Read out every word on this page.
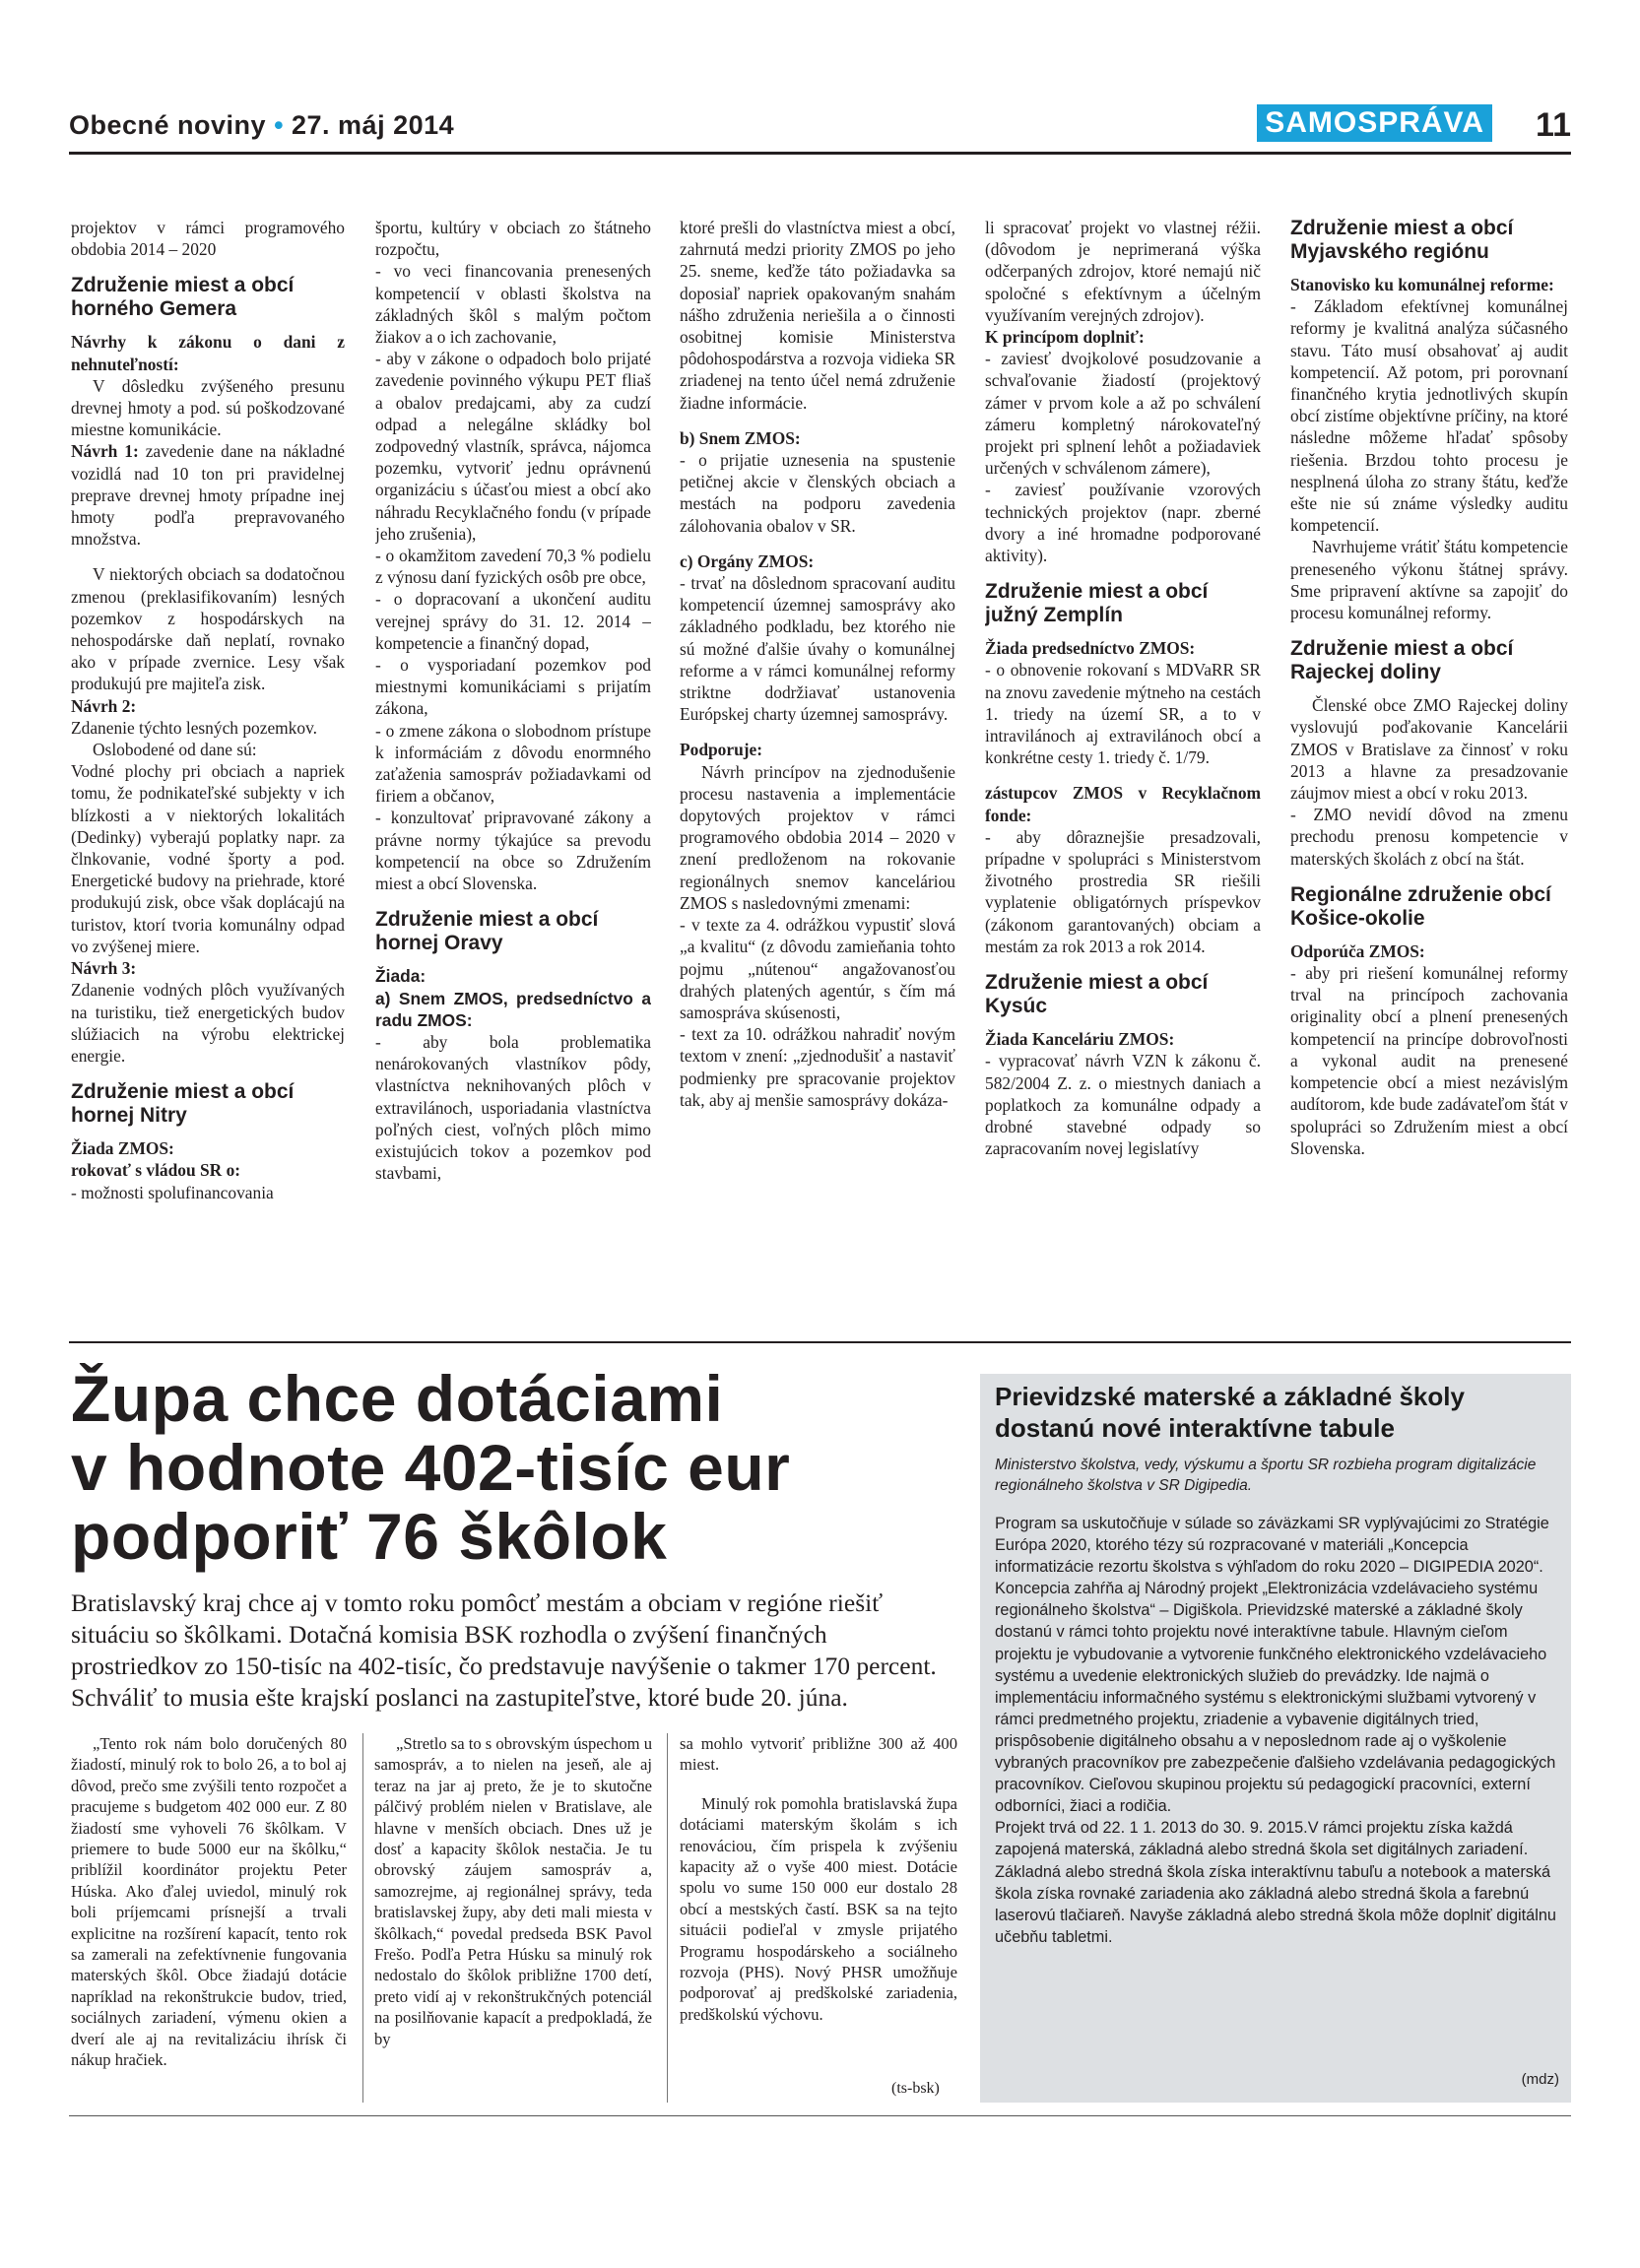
Obecné noviny • 27. máj 2014	SAMOSPRÁVA 11

projektov v rámci programového obdobia 2014 – 2020

Združenie miest a obcí horného Gemera

Návrhy k zákonu o dani z nehnuteľností:

V dôsledku zvýšeného presunu drevnej hmoty a pod. sú poškodzované miestne komunikácie.

Návrh 1: zavedenie dane na nákladné vozidlá nad 10 ton pri pravidelnej preprave drevnej hmoty prípadne inej hmoty podľa prepravovaného množstva.

V niektorých obciach sa dodatočnou zmenou (preklasifikovaním) lesných pozemkov z hospodárskych na nehospodárske daň neplatí, rovnako ako v prípade zvernice. Lesy však produkujú pre majiteľa zisk.

Návrh 2:

Zdanenie týchto lesných pozemkov.

Oslobodené od dane sú:

Vodné plochy pri obciach a napriek tomu, že podnikateľské subjekty v ich blízkosti a v niektorých lokalitách (Dedinky) vyberajú poplatky napr. za člnkovanie, vodné športy a pod. Energetické budovy na priehrade, ktoré produkujú zisk, obce však doplácajú na turistov, ktorí tvoria komunálny odpad vo zvýšenej miere.

Návrh 3:

Zdanenie vodných plôch využívaných na turistiku, tiež energetických budov slúžiacich na výrobu elektrickej energie.

Združenie miest a obcí hornej Nitry

Žiada ZMOS:

rokovať s vládou SR o:

- možnosti spolufinancovania

športu, kultúry v obciach zo štátneho rozpočtu,

- vo veci financovania prenesených kompetencií v oblasti školstva na základných škôl s malým počtom žiakov a o ich zachovanie,

- aby v zákone o odpadoch bolo prijaté zavedenie povinného výkupu PET fliaš a obalov predajcami, aby za cudzí odpad a nelegálne skládky bol zodpovedný vlastník, správca, nájomca pozemku, vytvoriť jednu oprávnenú organizáciu s účasťou miest a obcí ako náhradu Recyklačného fondu (v prípade jeho zrušenia),

- o okamžitom zavedení 70,3 % podielu z výnosu daní fyzických osôb pre obce,

- o dopracovaní a ukončení auditu verejnej správy do 31. 12. 2014 – kompetencie a finančný dopad,

- o vysporiadaní pozemkov pod miestnymi komunikáciami s prijatím zákona,

- o zmene zákona o slobodnom prístupe k informáciám z dôvodu enormného zaťaženia samospráv požiadavkami od firiem a občanov,

- konzultovať pripravované zákony a právne normy týkajúce sa prevodu kompetencií na obce so Združením miest a obcí Slovenska.

Združenie miest a obcí hornej Oravy

Žiada:

a) Snem ZMOS, predsedníctvo a radu ZMOS:

- aby bola problematika nenárokovaných vlastníkov pôdy, vlastníctva neknihovaných plôch v extravilánoch, usporiadania vlastníctva poľných ciest, voľných plôch mimo existujúcich tokov a pozemkov pod stavbami,

ktoré prešli do vlastníctva miest a obcí, zahrnutá medzi priority ZMOS po jeho 25. sneme, keďže táto požiadavka sa doposiaľ napriek opakovaným snahám nášho združenia neriešila a o činnosti osobitnej komisie Ministerstva pôdohospodárstva a rozvoja vidieka SR zriadenej na tento účel nemá združenie žiadne informácie.

b) Snem ZMOS:

- o prijatie uznesenia na spustenie petičnej akcie v členských obciach a mestách na podporu zavedenia zálohovania obalov v SR.

c) Orgány ZMOS:

- trvať na dôslednom spracovaní auditu kompetencií územnej samosprávy ako základného podkladu, bez ktorého nie sú možné ďalšie úvahy o komunálnej reforme a v rámci komunálnej reformy striktne dodržiavať ustanovenia Európskej charty územnej samosprávy.

Podporuje:

Návrh princípov na zjednodušenie procesu nastavenia a implementácie dopytových projektov v rámci programového obdobia 2014 – 2020 v znení predloženom na rokovanie regionálnych snemov kanceláriou ZMOS s nasledovnými zmenami:

- v texte za 4. odrážkou vypustiť slová „a kvalitu“ (z dôvodu zamieňania tohto pojmu „nútenou“ angažovanosťou drahých platených agentúr, s čím má samospráva skúsenosti,

- text za 10. odrážkou nahradiť novým textom v znení: „zjednodušiť a nastaviť podmienky pre spracovanie projektov tak, aby aj menšie samosprávy dokáza-

li spracovať projekt vo vlastnej réžii. (dôvodom je neprimeraná výška odčerpaných zdrojov, ktoré nemajú nič spoločné s efektívnym a účelným využívaním verejných zdrojov).

K princípom doplniť:

- zaviesť dvojkolové posudzovanie a schvaľovanie žiadostí (projektový zámer v prvom kole a až po schválení zámeru kompletný nárokovateľný projekt pri splnení lehôt a požiadaviek určených v schválenom zámere),

- zaviesť používanie vzorových technických projektov (napr. zberné dvory a iné hromadne podporované aktivity).

Združenie miest a obcí južný Zemplín

Žiada predsedníctvo ZMOS:

- o obnovenie rokovaní s MDVaRR SR na znovu zavedenie mýtneho na cestách 1. triedy na území SR, a to v intravilánoch aj extravilánoch obcí a konkrétne cesty 1. triedy č. 1/79.

zástupcov ZMOS v Recyklačnom fonde:

- aby dôraznejšie presadzovali, prípadne v spolupráci s Ministerstvom životného prostredia SR riešili vyplatenie obligatórnych príspevkov (zákonom garantovaných) obciam a mestám za rok 2013 a rok 2014.

Združenie miest a obcí Kysúc

Žiada Kanceláriu ZMOS:

- vypracovať návrh VZN k zákonu č. 582/2004 Z. z. o miestnych daniach a poplatkoch za komunálne odpady a drobné stavebné odpady so zapracovaním novej legislatívy

Združenie miest a obcí Myjavského regiónu

Stanovisko ku komunálnej reforme:

- Základom efektívnej komunálnej reformy je kvalitná analýza súčasného stavu. Táto musí obsahovať aj audit kompetencií. Až potom, pri porovnaní finančného krytia jednotlivých skupín obcí zistíme objektívne príčiny, na ktoré následne môžeme hľadať spôsoby riešenia. Brzdou tohto procesu je nesplnená úloha zo strany štátu, keďže ešte nie sú známe výsledky auditu kompetencií.

Navrhujeme vrátiť štátu kompetencie preneseného výkonu štátnej správy. Sme pripravení aktívne sa zapojiť do procesu komunálnej reformy.

Združenie miest a obcí Rajeckej doliny

Členské obce ZMO Rajeckej doliny vyslovujú poďakovanie Kancelárii ZMOS v Bratislave za činnosť v roku 2013 a hlavne za presadzovanie záujmov miest a obcí v roku 2013.

- ZMO nevidí dôvod na zmenu prechodu prenosu kompetencie v materských školách z obcí na štát.

Regionálne združenie obcí Košice-okolie

Odporúča ZMOS:

- aby pri riešení komunálnej reformy trval na princípoch zachovania originality obcí a plnení prenesených kompetencií na princípe dobrovoľnosti a vykonal audit na prenesené kompetencie obcí a miest nezávislým audítorom, kde bude zadávateľom štát v spolupráci so Združením miest a obcí Slovenska.

Župa chce dotáciami
v hodnote 402-tisíc eur
podporiť 76 škôlok
Bratislavský kraj chce aj v tomto roku pomôcť mestám a obciam v regióne riešiť situáciu so škôlkami. Dotačná komisia BSK rozhodla o zvýšení finančných prostriedkov zo 150-tisíc na 402-tisíc, čo predstavuje navýšenie o takmer 170 percent. Schváliť to musia ešte krajskí poslanci na zastupiteľstve, ktoré bude 20. júna.

„Tento rok nám bolo doručených 80 žiadostí, minulý rok to bolo 26, a to bol aj dôvod, prečo sme zvýšili tento rozpočet a pracujeme s budgetom 402 000 eur. Z 80 žiadostí sme vyhoveli 76 škôlkam. V priemere to bude 5000 eur na škôlku,“ priblížil koordinátor projektu Peter Húska. Ako ďalej uviedol, minulý rok boli príjemcami prísnejší a trvali explicitne na rozšírení kapacít, tento rok sa zamerali na zefektívnenie fungovania materských škôl. Obce žiadajú dotácie napríklad na rekonštrukcie budov, tried, sociálnych zariadení, výmenu okien a dverí ale aj na revitalizáciu ihrísk či nákup hračiek.

„Stretlo sa to s obrovským úspechom u samospráv, a to nielen na jeseň, ale aj teraz na jar aj preto, že je to skutočne pálčivý problém nielen v Bratislave, ale hlavne v menších obciach. Dnes už je dosť a kapacity škôlok nestačia. Je tu obrovský záujem samospráv a, samozrejme, aj regionálnej správy, teda bratislavskej župy, aby deti mali miesta v škôlkach,“ povedal predseda BSK Pavol Frešo. Podľa Petra Húsku sa minulý rok nedostalo do škôlok približne 1700 detí, preto vidí aj v rekonštrukčných potenciál na posilňovanie kapacít a predpokladá, že by

sa mohlo vytvoriť približne 300 až 400 miest.

Minulý rok pomohla bratislavská župa dotáciami materským školám s ich renováciou, čím prispela k zvýšeniu kapacity až o vyše 400 miest. Dotácie spolu vo sume 150 000 eur dostalo 28 obcí a mestských častí. BSK sa na tejto situácii podieľal v zmysle prijatého Programu hospodárskeho a sociálneho rozvoja (PHS). Nový PHSR umožňuje podporovať aj predškolské zariadenia, predškolskú výchovu.

(ts-bsk)
Prievidzské materské a základné školy dostanú nové interaktívne tabule
Ministerstvo školstva, vedy, výskumu a športu SR rozbieha program digitalizácie regionálneho školstva v SR Digipedia.

Program sa uskutočňuje v súlade so záväzkami SR vyplývajúcimi zo Stratégie Európa 2020, ktorého tézy sú rozpracované v materiáli „Koncepcia informatizácie rezortu školstva s výhľadom do roku 2020 – DIGIPEDIA 2020“. Koncepcia zahŕňa aj Národný projekt „Elektronizácia vzdelávacieho systému regionálneho školstva“ – Digiškola. Prievidzské materské a základné školy dostanú v rámci tohto projektu nové interaktívne tabule. Hlavným cieľom projektu je vybudovanie a vytvorenie funkčného elektronického vzdelávacieho systému a uvedenie elektronických služieb do prevádzky. Ide najmä o implementáciu informačného systému s elektronickými službami vytvorený v rámci predmetného projektu, zriadenie a vybavenie digitálnych tried, prispôsobenie digitálneho obsahu a v neposlednom rade aj o vyškolenie vybraných pracovníkov pre zabezpečenie ďalšieho vzdelávania pedagogických pracovníkov. Cieľovou skupinou projektu sú pedagogickí pracovníci, externí odborníci, žiaci a rodičia.

Projekt trvá od 22. 1 1. 2013 do 30. 9. 2015.V rámci projektu získa každá zapojená materská, základná alebo stredná škola set digitálnych zariadení. Základná alebo stredná škola získa interaktívnu tabuľu a notebook a materská škola získa rovnaké zariadenia ako základná alebo stredná škola a farebnú laserovú tlačiareň. Navyše základná alebo stredná škola môže doplniť digitálnu učebňu tabletmi.

(mdz)
